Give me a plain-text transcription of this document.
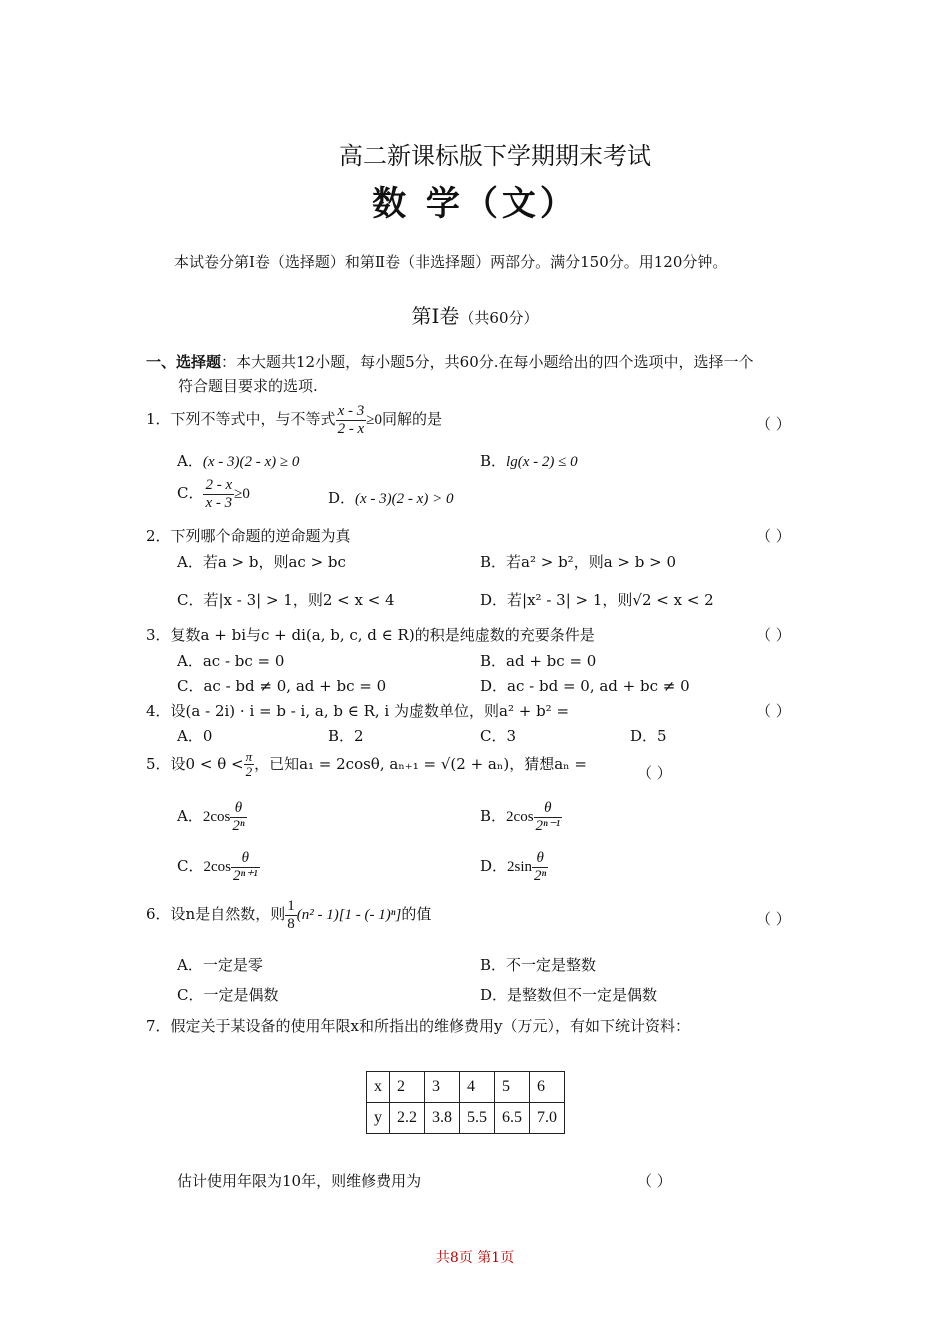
高二新课标版下学期期末考试
数 学（文）
本试卷分第Ⅰ卷（选择题）和第Ⅱ卷（非选择题）两部分。满分150分。用120分钟。
第Ⅰ卷（共60分）
一、选择题：本大题共12小题，每小题5分，共60分.在每小题给出的四个选项中，选择一个
符合题目要求的选项.
1．下列不等式中，与不等式 $\frac{x - 3}{2 - x} \ge 0$同解的是	（ ）
A．(x - 3)(2 - x) ≥ 0	B．lg(x - 2) ≤ 0
C． $\frac{2 - x}{x - 3} \ge 0$	D．(x - 3)(2 - x) > 0
2．下列哪个命题的逆命题为真	（ ）
A．若a > b，则ac > bc	B．若a² > b²，则a > b > 0
C．若|x - 3| > 1，则2 < x < 4	D．若|x² - 3| > 1，则√2 < x < 2
3．复数a + bi与c + di(a, b, c, d ∈ R)的积是纯虚数的充要条件是	（ ）
A．ac - bc = 0	B．ad + bc = 0
C．ac - bd ≠ 0, ad + bc = 0	D．ac - bd = 0, ad + bc ≠ 0
4．设(a - 2i) · i = b - i, a, b ∈ R, i 为虚数单位，则a² + b² =	（ ）
A．0	B．2	C．3	D．5
5．设$0 < \theta < \frac{\pi}{2}$ ，已知a₁ = 2cosθ, aₙ₊₁ = √(2 + aₙ)，猜想aₙ =
（ ）
A．$2\cos \frac{\theta}{\text{2ⁿ}}$	B．$2\cos \frac{\theta}{\text{2ⁿ⁻¹}}$
C．$2\cos \frac{\theta}{\text{2ⁿ⁺¹}}$	D．$2\sin \frac{\theta}{\text{2ⁿ}}$
6．设n是自然数，则 $\frac{1}{8} (n^2 - 1)[1$ - (- 1)ⁿ]的值	（ ）
A．一定是零	B．不一定是整数
C．一定是偶数	D．是整数但不一定是偶数
7．假定关于某设备的使用年限x和所指出的维修费用y（万元），有如下统计资料：
x	2	3	4	5	6
y	2.2	3.8	5.5	6.5	7.0
估计使用年限为10年，则维修费用为	（ ）
共8页 第1页
